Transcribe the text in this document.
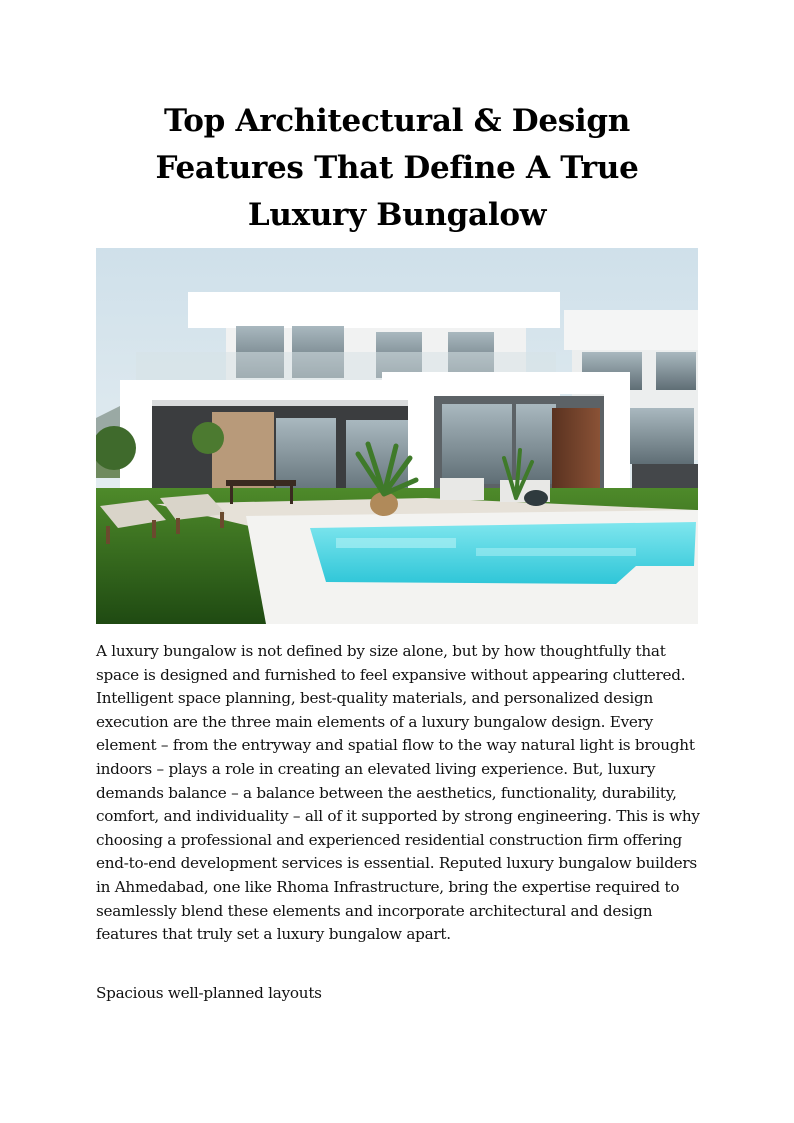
Top Architectural & Design
Features That Define A True
Luxury Bungalow

A luxury bungalow is not defined by size alone, but by how thoughtfully that space is designed and furnished to feel expansive without appearing cluttered. Intelligent space planning, best-quality materials, and personalized design execution are the three main elements of a luxury bungalow design. Every element – from the entryway and spatial flow to the way natural light is brought indoors – plays a role in creating an elevated living experience. But, luxury demands balance – a balance between the aesthetics, functionality, durability, comfort, and individuality – all of it supported by strong engineering. This is why choosing a professional and experienced residential construction firm offering end-to-end development services is essential. Reputed luxury bungalow builders in Ahmedabad, one like Rhoma Infrastructure, bring the expertise required to seamlessly blend these elements and incorporate architectural and design features that truly set a luxury bungalow apart.

Spacious well-planned layouts
